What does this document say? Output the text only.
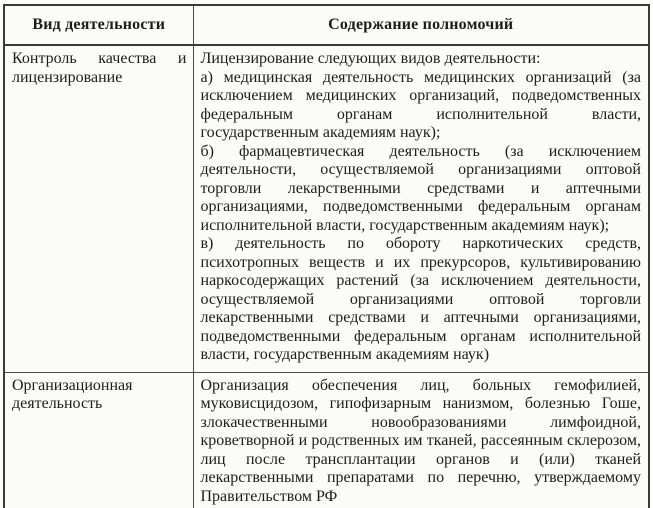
Вид деятельности	Содержание полномочий
Контроль качества и лицензирование	Лицензирование следующих видов деятельности:
а) медицинская деятельность медицинских организаций (за исключением медицинских организаций, подведомственных федеральным органам исполнительной власти, государственным академиям наук);
б) фармацевтическая деятельность (за исключением деятельности, осуществляемой организациями оптовой торговли лекарственными средствами и аптечными организациями, подведомственными федеральным органам исполнительной власти, государственным академиям наук);
в) деятельность по обороту наркотических средств, психотропных веществ и их прекурсоров, культивированию наркосодержащих растений (за исключением деятельности, осуществляемой организациями оптовой торговли лекарственными средствами и аптечными организациями, подведомственными федеральным органам исполнительной власти, государственным академиям наук)

Организационная деятельность	Организация обеспечения лиц, больных гемофилией, муковисцидозом, гипофизарным нанизмом, болезнью Гоше, злокачественными новообразованиями лимфоидной, кроветворной и родственных им тканей, рассеянным склерозом, лиц после трансплантации органов и (или) тканей лекарственными препаратами по перечню, утверждаемому Правительством РФ
